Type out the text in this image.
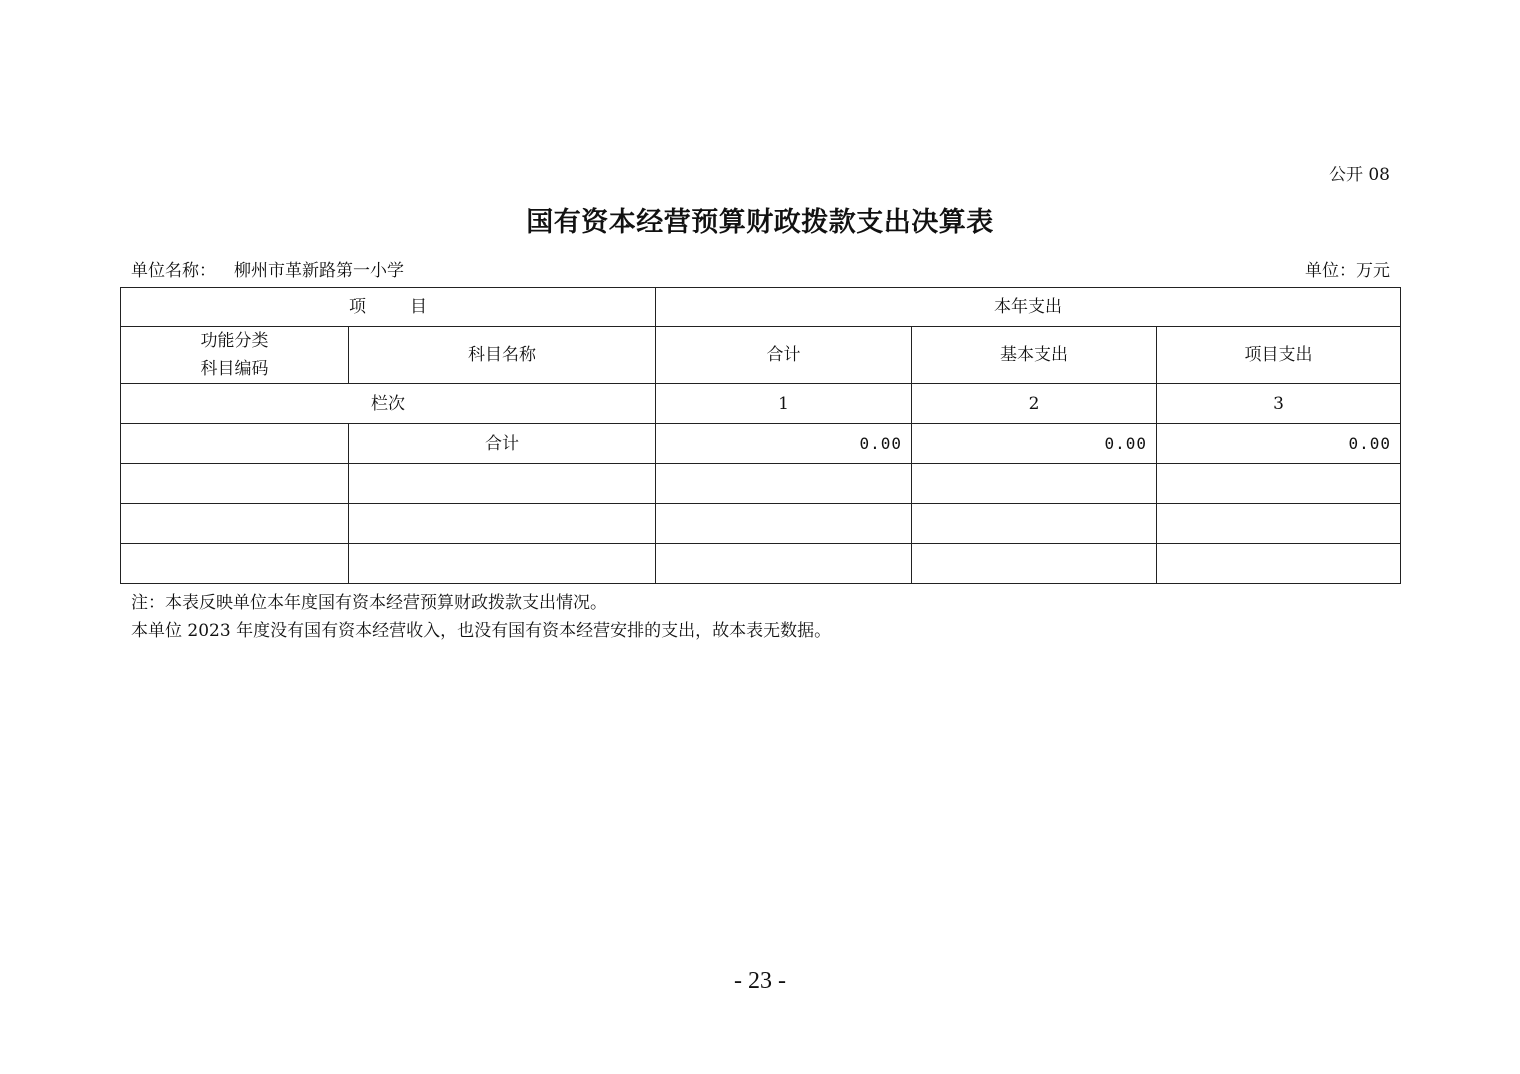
公开 08
国有资本经营预算财政拨款支出决算表
单位名称： 柳州市革新路第一小学	单位：万元
项 目		本年支出		

功能分类
科目编码	科目名称	合计	基本支出	项目支出
栏次		1	2	3
	合计	0.00	0.00	0.00

注：本表反映单位本年度国有资本经营预算财政拨款支出情况。
本单位 2023 年度没有国有资本经营收入，也没有国有资本经营安排的支出，故本表无数据。
- 23 -
